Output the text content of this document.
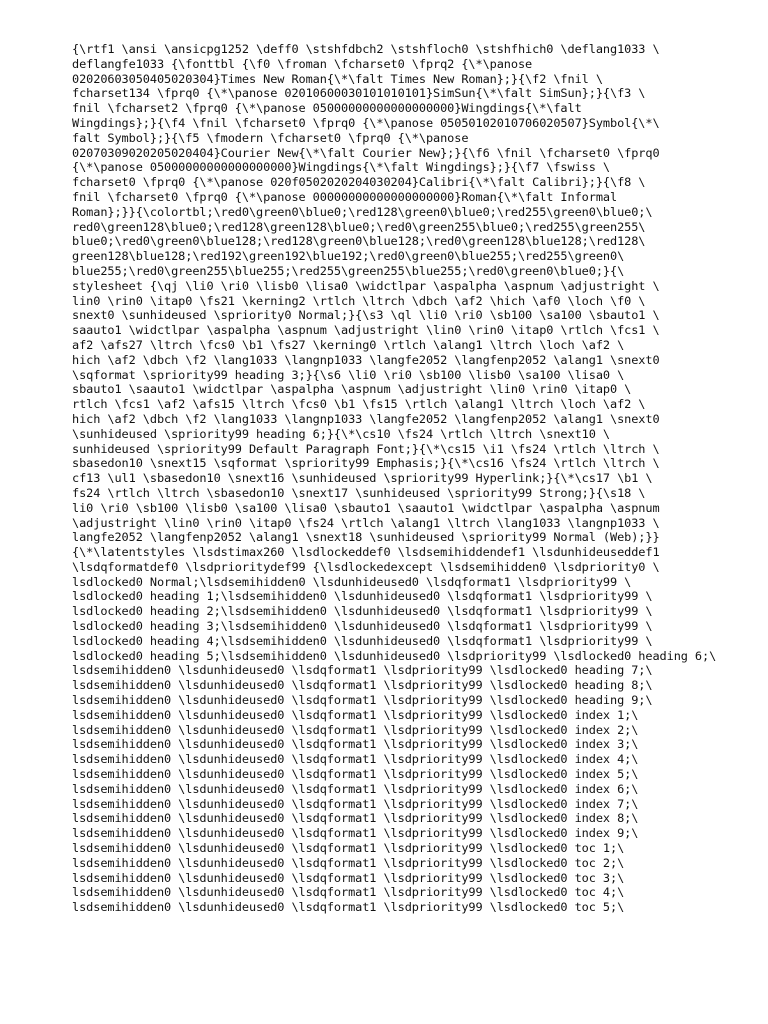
{\rtf1 \ansi \ansicpg1252 \deff0 \stshfdbch2 \stshfloch0 \stshfhich0 \deflang1033 \
deflangfe1033 {\fonttbl {\f0 \froman \fcharset0 \fprq2 {\*\panose
02020603050405020304}Times New Roman{\*\falt Times New Roman};}{\f2 \fnil \
fcharset134 \fprq0 {\*\panose 02010600030101010101}SimSun{\*\falt SimSun};}{\f3 \
fnil \fcharset2 \fprq0 {\*\panose 05000000000000000000}Wingdings{\*\falt
Wingdings};}{\f4 \fnil \fcharset0 \fprq0 {\*\panose 05050102010706020507}Symbol{\*\
falt Symbol};}{\f5 \fmodern \fcharset0 \fprq0 {\*\panose
02070309020205020404}Courier New{\*\falt Courier New};}{\f6 \fnil \fcharset0 \fprq0
{\*\panose 05000000000000000000}Wingdings{\*\falt Wingdings};}{\f7 \fswiss \
fcharset0 \fprq0 {\*\panose 020f0502020204030204}Calibri{\*\falt Calibri};}{\f8 \
fnil \fcharset0 \fprq0 {\*\panose 00000000000000000000}Roman{\*\falt Informal
Roman};}}{\colortbl;\red0\green0\blue0;\red128\green0\blue0;\red255\green0\blue0;\
red0\green128\blue0;\red128\green128\blue0;\red0\green255\blue0;\red255\green255\
blue0;\red0\green0\blue128;\red128\green0\blue128;\red0\green128\blue128;\red128\
green128\blue128;\red192\green192\blue192;\red0\green0\blue255;\red255\green0\
blue255;\red0\green255\blue255;\red255\green255\blue255;\red0\green0\blue0;}{\
stylesheet {\qj \li0 \ri0 \lisb0 \lisa0 \widctlpar \aspalpha \aspnum \adjustright \
lin0 \rin0 \itap0 \fs21 \kerning2 \rtlch \ltrch \dbch \af2 \hich \af0 \loch \f0 \
snext0 \sunhideused \spriority0 Normal;}{\s3 \ql \li0 \ri0 \sb100 \sa100 \sbauto1 \
saauto1 \widctlpar \aspalpha \aspnum \adjustright \lin0 \rin0 \itap0 \rtlch \fcs1 \
af2 \afs27 \ltrch \fcs0 \b1 \fs27 \kerning0 \rtlch \alang1 \ltrch \loch \af2 \
hich \af2 \dbch \f2 \lang1033 \langnp1033 \langfe2052 \langfenp2052 \alang1 \snext0
\sqformat \spriority99 heading 3;}{\s6 \li0 \ri0 \sb100 \lisb0 \sa100 \lisa0 \
sbauto1 \saauto1 \widctlpar \aspalpha \aspnum \adjustright \lin0 \rin0 \itap0 \
rtlch \fcs1 \af2 \afs15 \ltrch \fcs0 \b1 \fs15 \rtlch \alang1 \ltrch \loch \af2 \
hich \af2 \dbch \f2 \lang1033 \langnp1033 \langfe2052 \langfenp2052 \alang1 \snext0
\sunhideused \spriority99 heading 6;}{\*\cs10 \fs24 \rtlch \ltrch \snext10 \
sunhideused \spriority99 Default Paragraph Font;}{\*\cs15 \i1 \fs24 \rtlch \ltrch \
sbasedon10 \snext15 \sqformat \spriority99 Emphasis;}{\*\cs16 \fs24 \rtlch \ltrch \
cf13 \ul1 \sbasedon10 \snext16 \sunhideused \spriority99 Hyperlink;}{\*\cs17 \b1 \
fs24 \rtlch \ltrch \sbasedon10 \snext17 \sunhideused \spriority99 Strong;}{\s18 \
li0 \ri0 \sb100 \lisb0 \sa100 \lisa0 \sbauto1 \saauto1 \widctlpar \aspalpha \aspnum
\adjustright \lin0 \rin0 \itap0 \fs24 \rtlch \alang1 \ltrch \lang1033 \langnp1033 \
langfe2052 \langfenp2052 \alang1 \snext18 \sunhideused \spriority99 Normal (Web);}}
{\*\latentstyles \lsdstimax260 \lsdlockeddef0 \lsdsemihiddendef1 \lsdunhideuseddef1
\lsdqformatdef0 \lsdprioritydef99 {\lsdlockedexcept \lsdsemihidden0 \lsdpriority0 \
lsdlocked0 Normal;\lsdsemihidden0 \lsdunhideused0 \lsdqformat1 \lsdpriority99 \
lsdlocked0 heading 1;\lsdsemihidden0 \lsdunhideused0 \lsdqformat1 \lsdpriority99 \
lsdlocked0 heading 2;\lsdsemihidden0 \lsdunhideused0 \lsdqformat1 \lsdpriority99 \
lsdlocked0 heading 3;\lsdsemihidden0 \lsdunhideused0 \lsdqformat1 \lsdpriority99 \
lsdlocked0 heading 4;\lsdsemihidden0 \lsdunhideused0 \lsdqformat1 \lsdpriority99 \
lsdlocked0 heading 5;\lsdsemihidden0 \lsdunhideused0 \lsdpriority99 \lsdlocked0 heading 6;\
lsdsemihidden0 \lsdunhideused0 \lsdqformat1 \lsdpriority99 \lsdlocked0 heading 7;\
lsdsemihidden0 \lsdunhideused0 \lsdqformat1 \lsdpriority99 \lsdlocked0 heading 8;\
lsdsemihidden0 \lsdunhideused0 \lsdqformat1 \lsdpriority99 \lsdlocked0 heading 9;\
lsdsemihidden0 \lsdunhideused0 \lsdqformat1 \lsdpriority99 \lsdlocked0 index 1;\
lsdsemihidden0 \lsdunhideused0 \lsdqformat1 \lsdpriority99 \lsdlocked0 index 2;\
lsdsemihidden0 \lsdunhideused0 \lsdqformat1 \lsdpriority99 \lsdlocked0 index 3;\
lsdsemihidden0 \lsdunhideused0 \lsdqformat1 \lsdpriority99 \lsdlocked0 index 4;\
lsdsemihidden0 \lsdunhideused0 \lsdqformat1 \lsdpriority99 \lsdlocked0 index 5;\
lsdsemihidden0 \lsdunhideused0 \lsdqformat1 \lsdpriority99 \lsdlocked0 index 6;\
lsdsemihidden0 \lsdunhideused0 \lsdqformat1 \lsdpriority99 \lsdlocked0 index 7;\
lsdsemihidden0 \lsdunhideused0 \lsdqformat1 \lsdpriority99 \lsdlocked0 index 8;\
lsdsemihidden0 \lsdunhideused0 \lsdqformat1 \lsdpriority99 \lsdlocked0 index 9;\
lsdsemihidden0 \lsdunhideused0 \lsdqformat1 \lsdpriority99 \lsdlocked0 toc 1;\
lsdsemihidden0 \lsdunhideused0 \lsdqformat1 \lsdpriority99 \lsdlocked0 toc 2;\
lsdsemihidden0 \lsdunhideused0 \lsdqformat1 \lsdpriority99 \lsdlocked0 toc 3;\
lsdsemihidden0 \lsdunhideused0 \lsdqformat1 \lsdpriority99 \lsdlocked0 toc 4;\
lsdsemihidden0 \lsdunhideused0 \lsdqformat1 \lsdpriority99 \lsdlocked0 toc 5;\
